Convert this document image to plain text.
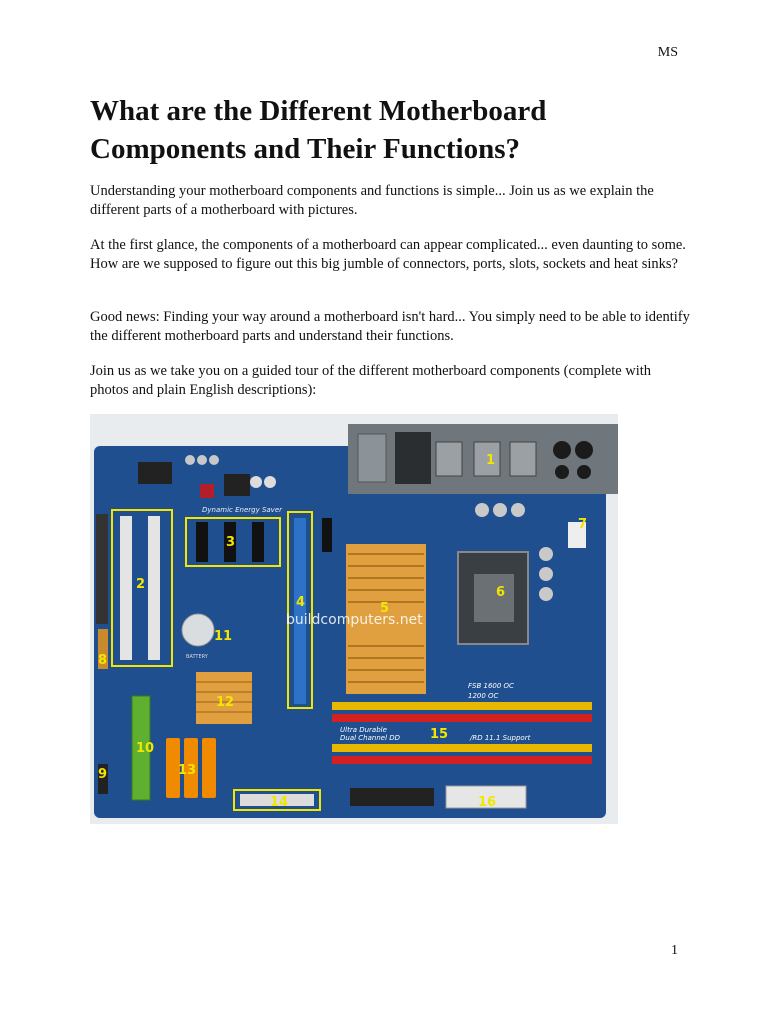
MS
What are the Different Motherboard Components and Their Functions?

Understanding your motherboard components and functions is simple... Join us as we explain the different parts of a motherboard with pictures.

At the first glance, the components of a motherboard can appear complicated... even daunting to some. How are we supposed to figure out this big jumble of connectors, ports, slots, sockets and heat sinks?

Good news: Finding your way around a motherboard isn't hard... You simply need to be able to identify the different motherboard parts and understand their functions.

Join us as we take you on a guided tour of the different motherboard components (complete with photos and plain English descriptions):

Dynamic Energy Saver
BATTERY
FSB 1600 OC
1200 OC
Ultra Durable
Dual Channel DD	/RD 11.1 Support
buildcomputers.net
1
2
3
4	5
6
7
8
9
10
11
12
13
14
15
16
1
